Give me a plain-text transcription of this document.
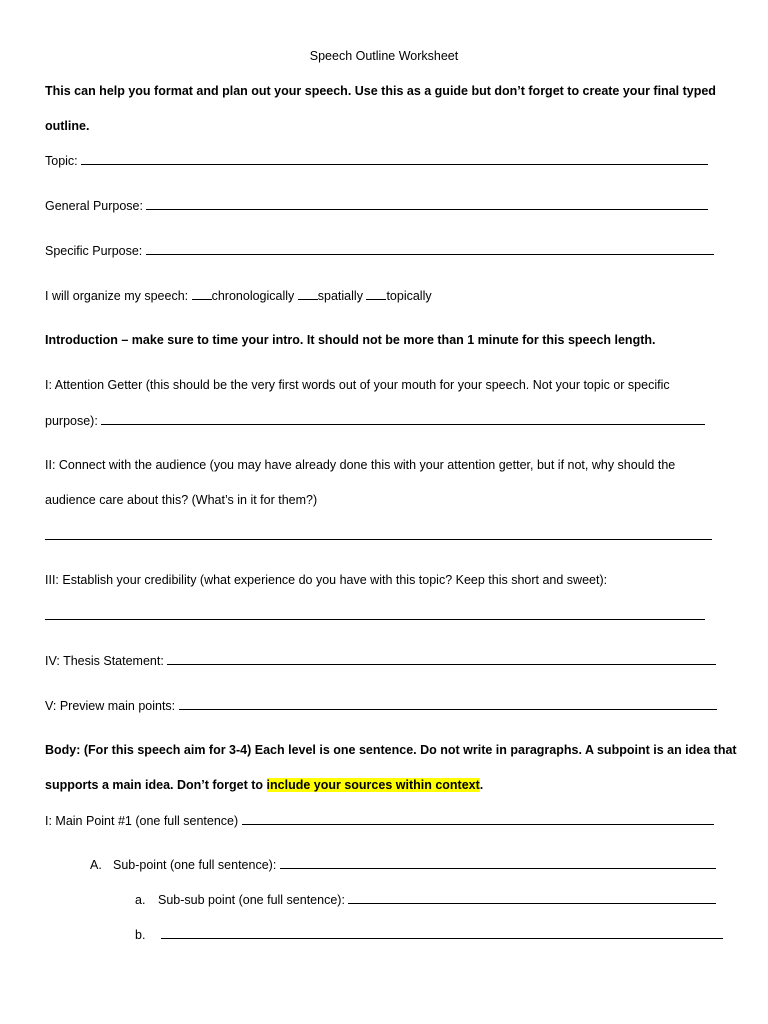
Speech Outline Worksheet
This can help you format and plan out your speech. Use this as a guide but don’t forget to create your final typed
outline.
Topic:
General Purpose:
Specific Purpose:
I will organize my speech: chronologically spatially topically
Introduction – make sure to time your intro. It should not be more than 1 minute for this speech length.
I: Attention Getter (this should be the very first words out of your mouth for your speech. Not your topic or specific
purpose):
II: Connect with the audience (you may have already done this with your attention getter, but if not, why should the
audience care about this? (What’s in it for them?)
III: Establish your credibility (what experience do you have with this topic? Keep this short and sweet):
IV: Thesis Statement:
V: Preview main points:
Body: (For this speech aim for 3-4) Each level is one sentence. Do not write in paragraphs. A subpoint is an idea that
supports a main idea. Don’t forget to include your sources within context.
I: Main Point #1 (one full sentence)
A. Sub-point (one full sentence):
a. Sub-sub point (one full sentence):
b.
